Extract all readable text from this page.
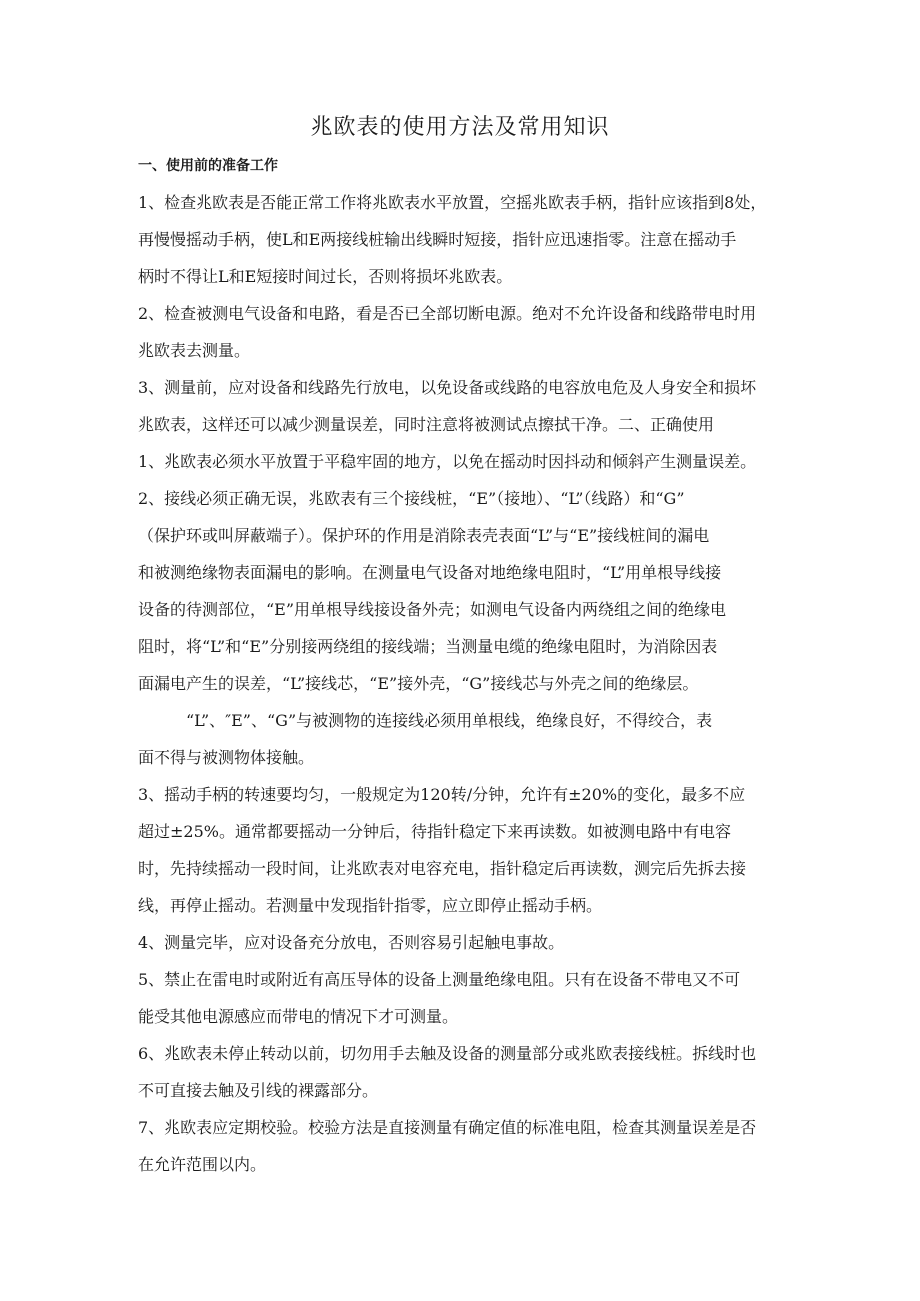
兆欧表的使用方法及常用知识
一、使用前的准备工作
1、检查兆欧表是否能正常工作将兆欧表水平放置，空摇兆欧表手柄，指针应该指到8处，
再慢慢摇动手柄，使L和E两接线桩输出线瞬时短接，指针应迅速指零。注意在摇动手
柄时不得让L和E短接时间过长，否则将损坏兆欧表。
2、检查被测电气设备和电路，看是否已全部切断电源。绝对不允许设备和线路带电时用
兆欧表去测量。
3、测量前，应对设备和线路先行放电，以免设备或线路的电容放电危及人身安全和损坏
兆欧表，这样还可以减少测量误差，同时注意将被测试点擦拭干净。二、正确使用
1、兆欧表必须水平放置于平稳牢固的地方，以免在摇动时因抖动和倾斜产生测量误差。
2、接线必须正确无误，兆欧表有三个接线桩，“E”（接地）、“L”（线路）和“G”
（保护环或叫屏蔽端子）。保护环的作用是消除表壳表面“L”与“E”接线桩间的漏电
和被测绝缘物表面漏电的影响。在测量电气设备对地绝缘电阻时，“L”用单根导线接
设备的待测部位，“E”用单根导线接设备外壳；如测电气设备内两绕组之间的绝缘电
阻时，将“L”和“E”分别接两绕组的接线端；当测量电缆的绝缘电阻时，为消除因表
面漏电产生的误差，“L”接线芯，“E”接外壳，“G”接线芯与外壳之间的绝缘层。
“L”、″E”、“G”与被测物的连接线必须用单根线，绝缘良好，不得绞合，表
面不得与被测物体接触。
3、摇动手柄的转速要均匀，一般规定为120转/分钟，允许有±20%的变化，最多不应
超过±25%。通常都要摇动一分钟后，待指针稳定下来再读数。如被测电路中有电容
时，先持续摇动一段时间，让兆欧表对电容充电，指针稳定后再读数，测完后先拆去接
线，再停止摇动。若测量中发现指针指零，应立即停止摇动手柄。
4、测量完毕，应对设备充分放电，否则容易引起触电事故。
5、禁止在雷电时或附近有高压导体的设备上测量绝缘电阻。只有在设备不带电又不可
能受其他电源感应而带电的情况下才可测量。
6、兆欧表未停止转动以前，切勿用手去触及设备的测量部分或兆欧表接线桩。拆线时也
不可直接去触及引线的裸露部分。
7、兆欧表应定期校验。校验方法是直接测量有确定值的标准电阻，检查其测量误差是否
在允许范围以内。
